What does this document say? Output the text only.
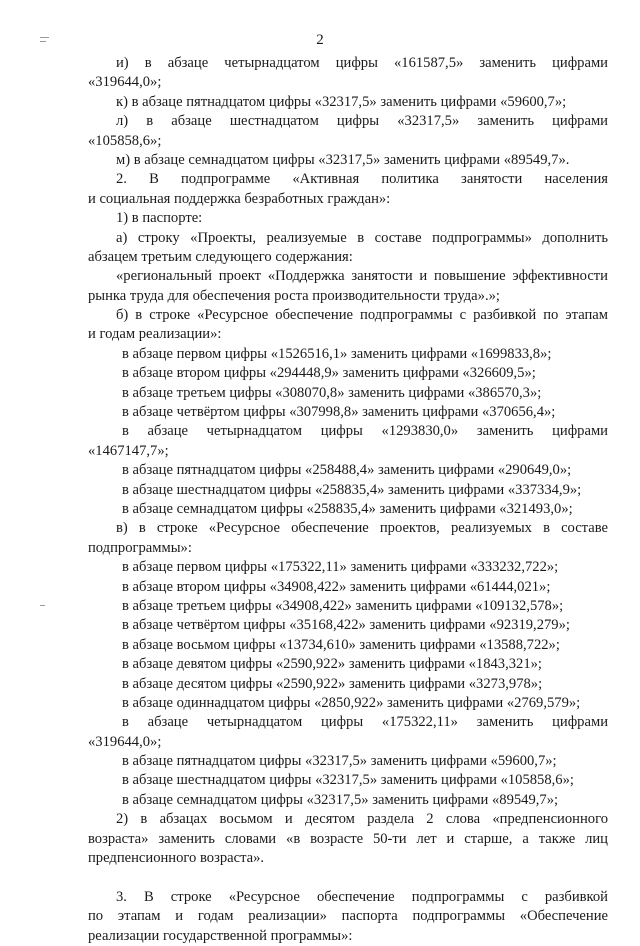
2
и) в абзаце четырнадцатом цифры «161587,5» заменить цифрами
«319644,0»;
к) в абзаце пятнадцатом цифры «32317,5» заменить цифрами «59600,7»;
л) в абзаце шестнадцатом цифры «32317,5» заменить цифрами
«105858,6»;
м) в абзаце семнадцатом цифры «32317,5» заменить цифрами «89549,7».
2. В подпрограмме «Активная политика занятости населения
и социальная поддержка безработных граждан»:
1) в паспорте:
а) строку «Проекты, реализуемые в составе подпрограммы» дополнить
абзацем третьим следующего содержания:
«региональный проект «Поддержка занятости и повышение эффективности
рынка труда для обеспечения роста производительности труда».»;
б) в строке «Ресурсное обеспечение подпрограммы с разбивкой по этапам
и годам реализации»:
в абзаце первом цифры «1526516,1» заменить цифрами «1699833,8»;
в абзаце втором цифры «294448,9» заменить цифрами «326609,5»;
в абзаце третьем цифры «308070,8» заменить цифрами «386570,3»;
в абзаце четвёртом цифры «307998,8» заменить цифрами «370656,4»;
в абзаце четырнадцатом цифры «1293830,0» заменить цифрами
«1467147,7»;
в абзаце пятнадцатом цифры «258488,4» заменить цифрами «290649,0»;
в абзаце шестнадцатом цифры «258835,4» заменить цифрами «337334,9»;
в абзаце семнадцатом цифры «258835,4» заменить цифрами «321493,0»;
в) в строке «Ресурсное обеспечение проектов, реализуемых в составе
подпрограммы»:
в абзаце первом цифры «175322,11» заменить цифрами «333232,722»;
в абзаце втором цифры «34908,422» заменить цифрами «61444,021»;
в абзаце третьем цифры «34908,422» заменить цифрами «109132,578»;
в абзаце четвёртом цифры «35168,422» заменить цифрами «92319,279»;
в абзаце восьмом цифры «13734,610» заменить цифрами «13588,722»;
в абзаце девятом цифры «2590,922» заменить цифрами «1843,321»;
в абзаце десятом цифры «2590,922» заменить цифрами «3273,978»;
в абзаце одиннадцатом цифры «2850,922» заменить цифрами «2769,579»;
в абзаце четырнадцатом цифры «175322,11» заменить цифрами
«319644,0»;
в абзаце пятнадцатом цифры «32317,5» заменить цифрами «59600,7»;
в абзаце шестнадцатом цифры «32317,5» заменить цифрами «105858,6»;
в абзаце семнадцатом цифры «32317,5» заменить цифрами «89549,7»;
2) в абзацах восьмом и десятом раздела 2 слова «предпенсионного
возраста» заменить словами «в возрасте 50-ти лет и старше, а также лиц
предпенсионного возраста».
3. В строке «Ресурсное обеспечение подпрограммы с разбивкой
по этапам и годам реализации» паспорта подпрограммы «Обеспечение
реализации государственной программы»:
